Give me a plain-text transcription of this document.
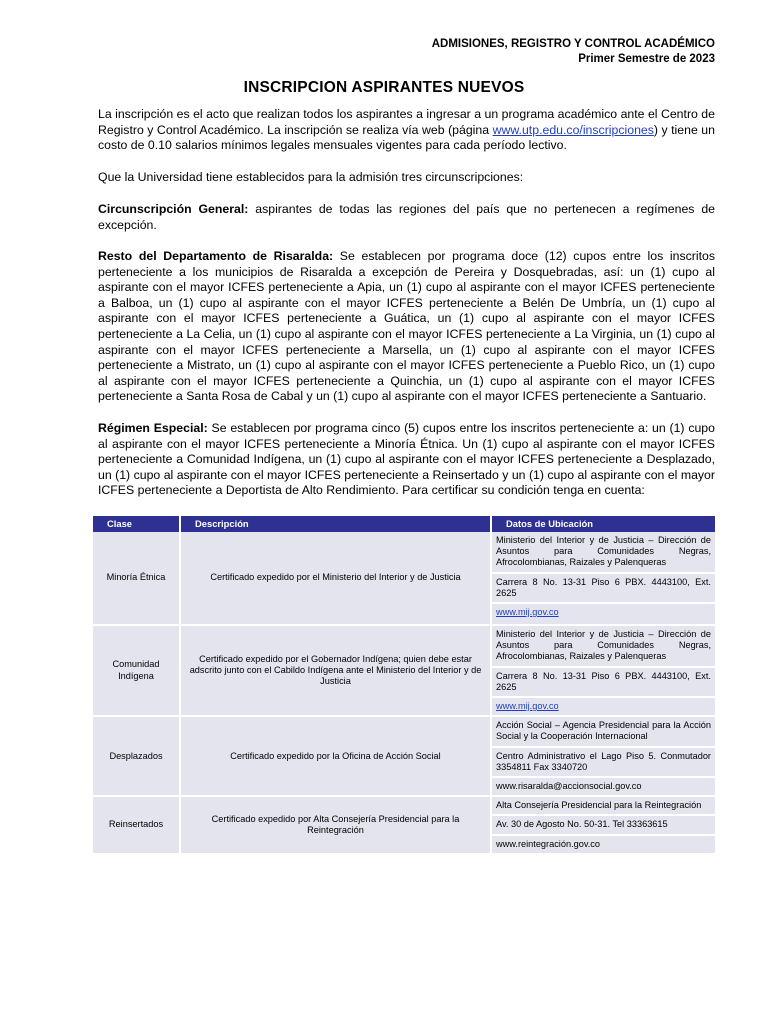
ADMISIONES, REGISTRO Y CONTROL ACADÉMICO
Primer Semestre de 2023
INSCRIPCION ASPIRANTES NUEVOS
La inscripción es el acto que realizan todos los aspirantes a ingresar a un programa académico ante el Centro de Registro y Control Académico. La inscripción se realiza vía web (página www.utp.edu.co/inscripciones) y tiene un costo de 0.10 salarios mínimos legales mensuales vigentes para cada período lectivo.
Que la Universidad tiene establecidos para la admisión tres circunscripciones:
Circunscripción General: aspirantes de todas las regiones del país que no pertenecen a regímenes de excepción.
Resto del Departamento de Risaralda: Se establecen por programa doce (12) cupos entre los inscritos perteneciente a los municipios de Risaralda a excepción de Pereira y Dosquebradas, así: un (1) cupo al aspirante con el mayor ICFES perteneciente a Apia, un (1) cupo al aspirante con el mayor ICFES perteneciente a Balboa, un (1) cupo al aspirante con el mayor ICFES perteneciente a Belén De Umbría, un (1) cupo al aspirante con el mayor ICFES perteneciente a Guática, un (1) cupo al aspirante con el mayor ICFES perteneciente a La Celia, un (1) cupo al aspirante con el mayor ICFES perteneciente a La Virginia, un (1) cupo al aspirante con el mayor ICFES perteneciente a Marsella, un (1) cupo al aspirante con el mayor ICFES perteneciente a Mistrato, un (1) cupo al aspirante con el mayor ICFES perteneciente a Pueblo Rico, un (1) cupo al aspirante con el mayor ICFES perteneciente a Quinchia, un (1) cupo al aspirante con el mayor ICFES perteneciente a Santa Rosa de Cabal y un (1) cupo al aspirante con el mayor ICFES perteneciente a Santuario.
Régimen Especial: Se establecen por programa cinco (5) cupos entre los inscritos perteneciente a: un (1) cupo al aspirante con el mayor ICFES perteneciente a Minoría Étnica. Un (1) cupo al aspirante con el mayor ICFES perteneciente a Comunidad Indígena, un (1) cupo al aspirante con el mayor ICFES perteneciente a Desplazado, un (1) cupo al aspirante con el mayor ICFES perteneciente a Reinsertado y un (1) cupo al aspirante con el mayor ICFES perteneciente a Deportista de Alto Rendimiento. Para certificar su condición tenga en cuenta:
Clase	Descripción	Datos de Ubicación
Minoría Étnica	Certificado expedido por el Ministerio del Interior y de Justicia	Ministerio del Interior y de Justicia – Dirección de Asuntos para Comunidades Negras, Afrocolombianas, Raizales y Palenqueras
Carrera 8 No. 13-31 Piso 6 PBX. 4443100, Ext. 2625
www.mij.gov.co

Comunidad Indígena	Certificado expedido por el Gobernador Indígena; quien debe estar adscrito junto con el Cabildo Indígena ante el Ministerio del Interior y de Justicia	Ministerio del Interior y de Justicia – Dirección de Asuntos para Comunidades Negras, Afrocolombianas, Raizales y Palenqueras
Carrera 8 No. 13-31 Piso 6 PBX. 4443100, Ext. 2625
www.mij.gov.co

Desplazados	Certificado expedido por la Oficina de Acción Social	Acción Social – Agencia Presidencial para la Acción Social y la Cooperación Internacional
Centro Administrativo el Lago Piso 5. Conmutador 3354811 Fax 3340720
www.risaralda@accionsocial.gov.co

Reinsertados	Certificado expedido por Alta Consejería Presidencial para la Reintegración	Alta Consejería Presidencial para la Reintegración
Av. 30 de Agosto No. 50-31. Tel 33363615
www.reintegración.gov.co
